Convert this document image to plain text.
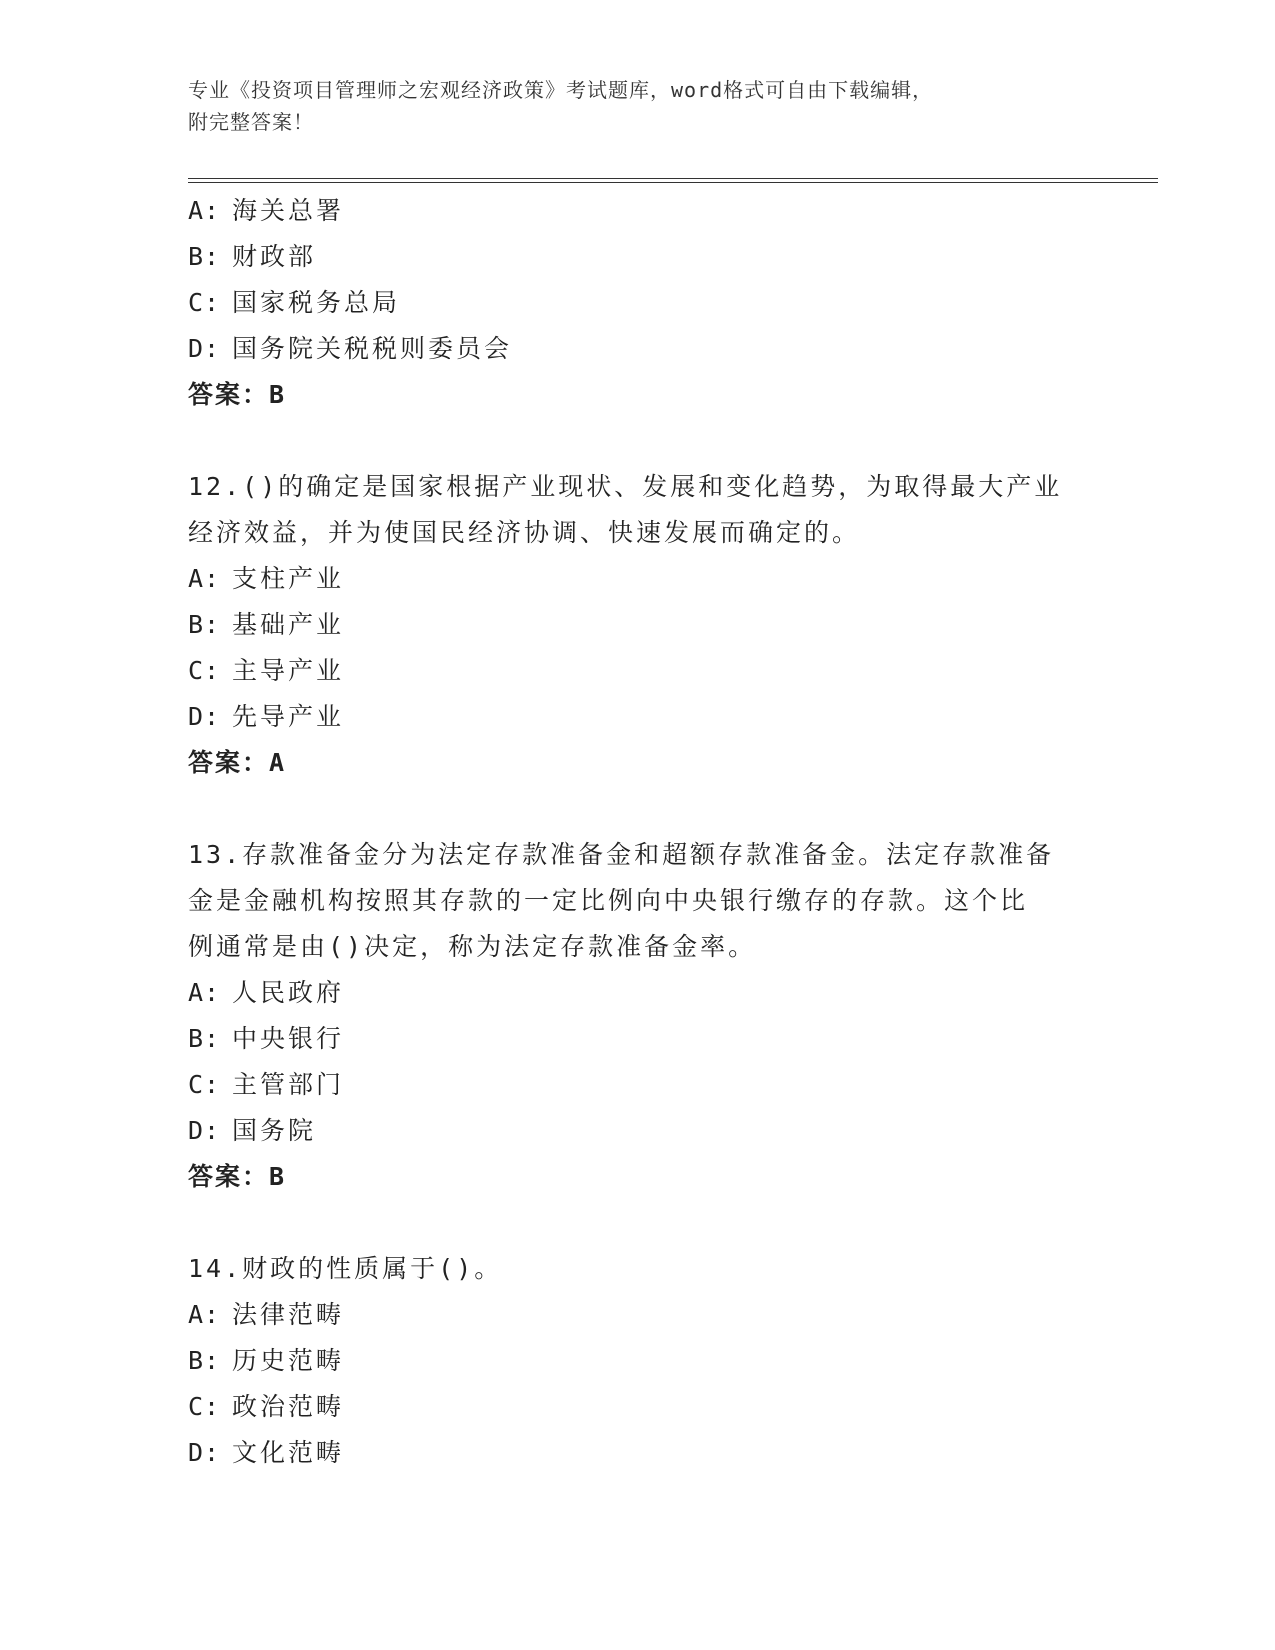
专业《投资项目管理师之宏观经济政策》考试题库，word格式可自由下载编辑，
附完整答案！
A: 海关总署
B: 财政部
C: 国家税务总局
D: 国务院关税税则委员会
答案：B
12.()的确定是国家根据产业现状、发展和变化趋势，为取得最大产业
经济效益，并为使国民经济协调、快速发展而确定的。
A: 支柱产业
B: 基础产业
C: 主导产业
D: 先导产业
答案：A
13.存款准备金分为法定存款准备金和超额存款准备金。法定存款准备
金是金融机构按照其存款的一定比例向中央银行缴存的存款。这个比
例通常是由()决定，称为法定存款准备金率。
A: 人民政府
B: 中央银行
C: 主管部门
D: 国务院
答案：B
14.财政的性质属于()。
A: 法律范畴
B: 历史范畴
C: 政治范畴
D: 文化范畴
